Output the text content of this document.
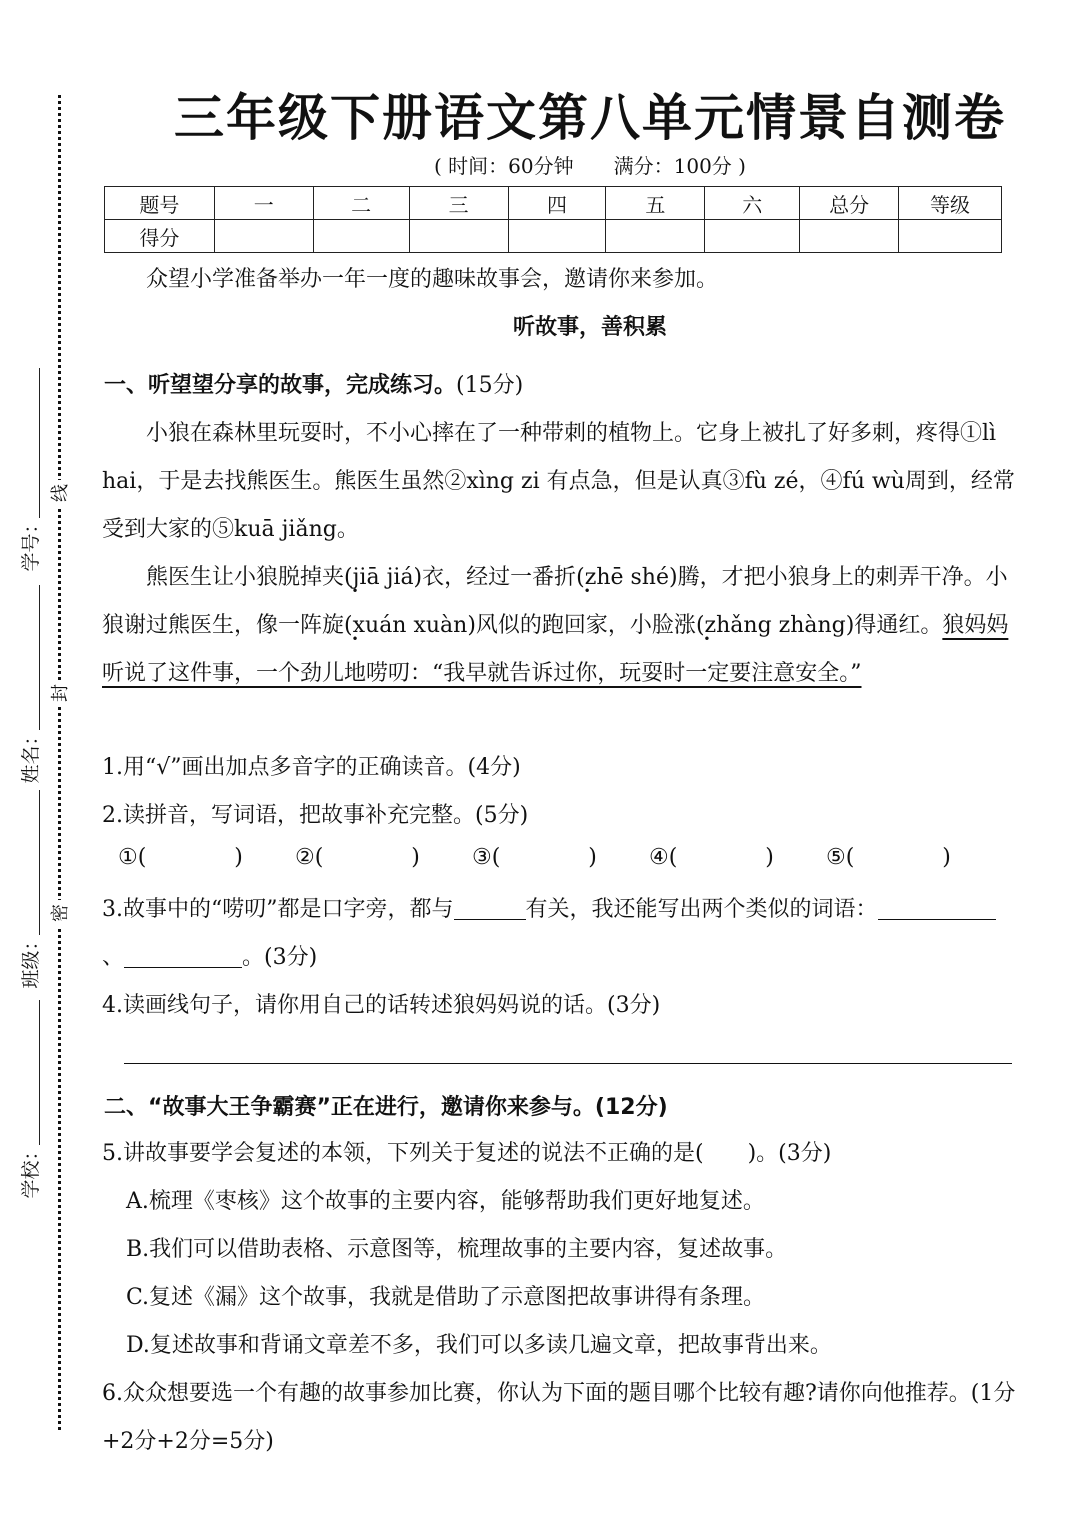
学号：
姓名：
班级：
学校：
线
封
密
三年级下册语文第八单元情景自测卷
( 时间：60分钟　　满分：100分 )
题号	一	二	三	四	五	六	总分	等级
得分								
众望小学准备举办一年一度的趣味故事会，邀请你来参加。
听故事，善积累
一、听望望分享的故事，完成练习。(15分)
小狼在森林里玩耍时，不小心摔在了一种带刺的植物上。它身上被扎了好多刺，疼得①lì hai，于是去找熊医生。熊医生虽然②xìng zi 有点急，但是认真③fù zé，④fú wù周到，经常受到大家的⑤kuā jiǎng。
熊医生让小狼脱掉夹(jiā jiá)衣，经过一番折(zhē shé)腾，才把小狼身上的刺弄干净。小狼谢过熊医生，像一阵旋(xuán xuàn)风似的跑回家，小脸涨(zhǎng zhàng)得通红。狼妈妈听说了这件事，一个劲儿地唠叨：“我早就告诉过你，玩耍时一定要注意安全。”
1.用“√”画出加点多音字的正确读音。(4分)
2.读拼音，写词语，把故事补充完整。(5分)
①(　　　　)	②(　　　　)	③(　　　　)	④(　　　　)	⑤(　　　　)
3.故事中的“唠叨”都是口字旁，都与	有关，我还能写出两个类似的词语：、	。(3分)
4.读画线句子，请你用自己的话转述狼妈妈说的话。(3分)
二、“故事大王争霸赛”正在进行，邀请你来参与。(12分)
5.讲故事要学会复述的本领，下列关于复述的说法不正确的是(　　)。(3分)
A.梳理《枣核》这个故事的主要内容，能够帮助我们更好地复述。
B.我们可以借助表格、示意图等，梳理故事的主要内容，复述故事。
C.复述《漏》这个故事，我就是借助了示意图把故事讲得有条理。
D.复述故事和背诵文章差不多，我们可以多读几遍文章，把故事背出来。
6.众众想要选一个有趣的故事参加比赛，你认为下面的题目哪个比较有趣?请你向他推荐。(1分+2分+2分=5分)
